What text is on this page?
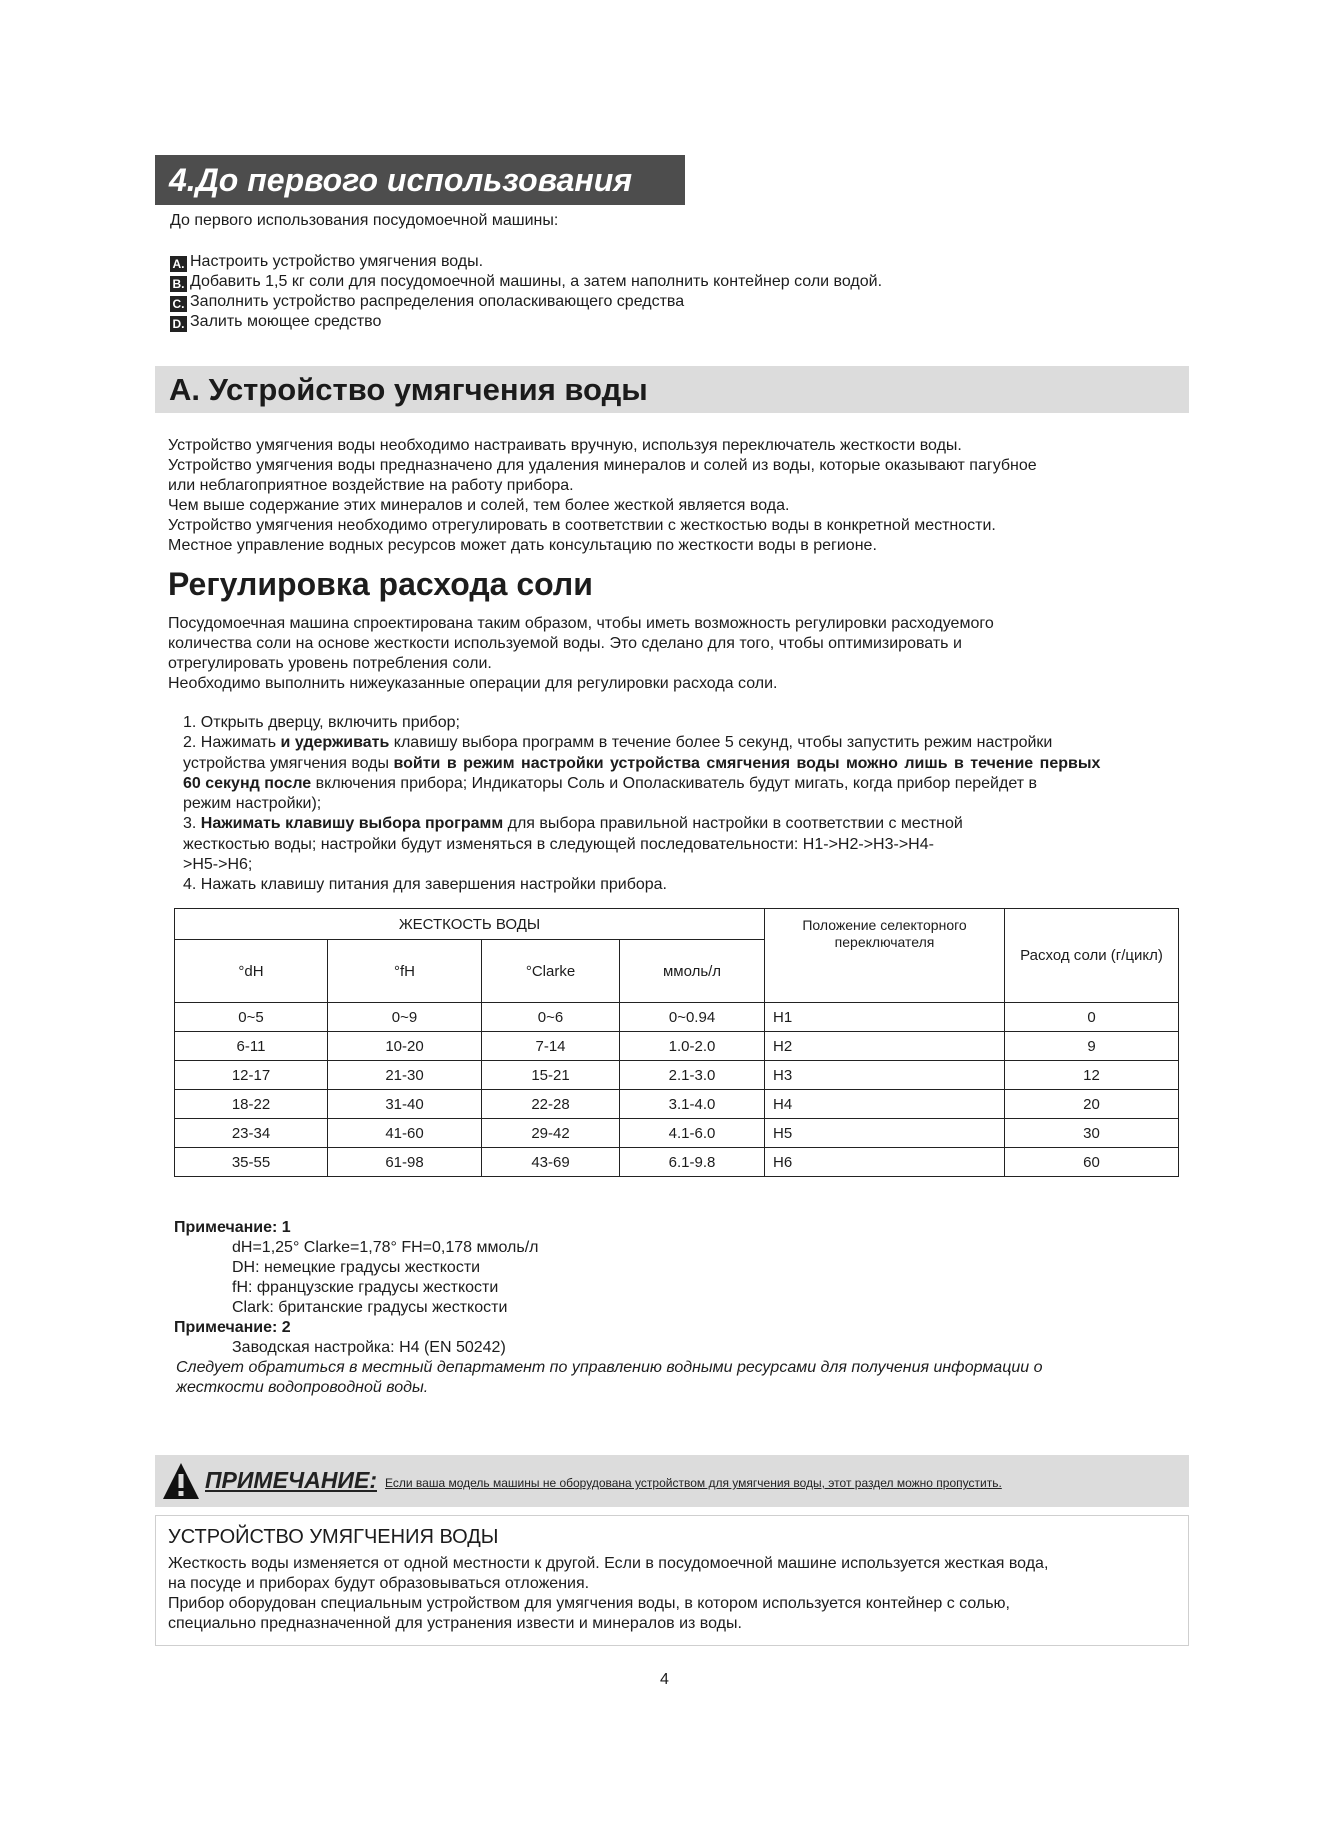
4.До первого использования
До первого использования посудомоечной машины:
A. Настроить устройство умягчения воды.
B. Добавить 1,5 кг соли для посудомоечной машины, а затем наполнить контейнер соли водой.
C. Заполнить устройство распределения ополаскивающего средства
D. Залить моющее средство
А. Устройство умягчения воды

Устройство умягчения воды необходимо настраивать вручную, используя переключатель жесткости воды.

Устройство умягчения воды предназначено для удаления минералов и солей из воды, которые оказывают пагубное

или неблагоприятное воздействие на работу прибора.

Чем выше содержание этих минералов и солей, тем более жесткой является вода.

Устройство умягчения необходимо отрегулировать в соответствии с жесткостью воды в конкретной местности.

Местное управление водных ресурсов может дать консультацию по жесткости воды в регионе.

Регулировка расхода соли

Посудомоечная машина спроектирована таким образом, чтобы иметь возможность регулировки расходуемого

количества соли на основе жесткости используемой воды. Это сделано для того, чтобы оптимизировать и

отрегулировать уровень потребления соли.

Необходимо выполнить нижеуказанные операции для регулировки расхода соли.

1. Открыть дверцу, включить прибор;

2. Нажимать и удерживать клавишу выбора программ в течение более 5 секунд, чтобы запустить режим настройки

устройства умягчения воды войти в режим настройки устройства смягчения воды можно лишь в течение первых

60 секунд после включения прибора; Индикаторы Соль и Ополаскиватель будут мигать, когда прибор перейдет в

режим настройки);

3. Нажимать клавишу выбора программ для выбора правильной настройки в соответствии с местной

жесткостью воды; настройки будут изменяться в следующей последовательности: H1->H2->H3->H4-

>H5->H6;

4. Нажать клавишу питания для завершения настройки прибора.

ЖЕСТКОСТЬ ВОДЫ				Положение селекторного переключателя	Расход соли (г/цикл)
°dH	°fH	°Clarke	ммоль/л		
0~5	0~9	0~6	0~0.94	H1	0
6-11	10-20	7-14	1.0-2.0	H2	9
12-17	21-30	15-21	2.1-3.0	H3	12
18-22	31-40	22-28	3.1-4.0	H4	20
23-34	41-60	29-42	4.1-6.0	H5	30
35-55	61-98	43-69	6.1-9.8	H6	60

Примечание: 1

dH=1,25° Clarke=1,78° FH=0,178 ммоль/л

DH: немецкие градусы жесткости

fH: французские градусы жесткости

Clark: британские градусы жесткости

Примечание: 2

Заводская настройка: H4 (EN 50242)

Следует обратиться в местный департамент по управлению водными ресурсами для получения информации о

жесткости водопроводной воды.

ПРИМЕЧАНИЕ: Если ваша модель машины не оборудована устройством для умягчения воды, этот раздел можно пропустить.
УСТРОЙСТВО УМЯГЧЕНИЯ ВОДЫ

Жесткость воды изменяется от одной местности к другой. Если в посудомоечной машине используется жесткая вода,

на посуде и приборах будут образовываться отложения.

Прибор оборудован специальным устройством для умягчения воды, в котором используется контейнер с солью,

специально предназначенной для устранения извести и минералов из воды.

4
